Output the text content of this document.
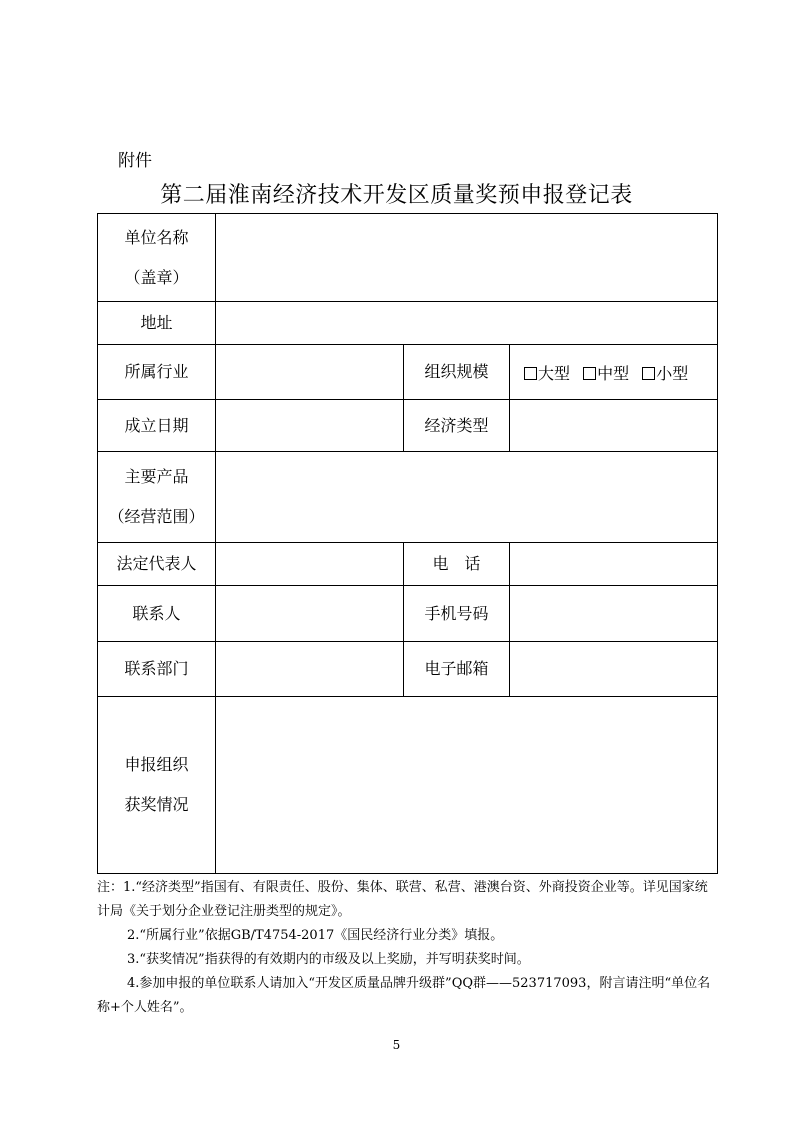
附件
第二届淮南经济技术开发区质量奖预申报登记表
单位名称
（盖章）			

地址			
所属行业		组织规模	大型 中型 小型
成立日期		经济类型	

主要产品
（经营范围）			

法定代表人		电　话	
联系人		手机号码	
联系部门		电子邮箱	

申报组织
获奖情况			

注：1.“经济类型”指国有、有限责任、股份、集体、联营、私营、港澳台资、外商投资企业等。详见国家统计局《关于划分企业登记注册类型的规定》。

2.“所属行业”依据GB/T4754-2017《国民经济行业分类》填报。

3.“获奖情况”指获得的有效期内的市级及以上奖励，并写明获奖时间。

4.参加申报的单位联系人请加入“开发区质量品牌升级群”QQ群——523717093，附言请注明“单位名称+个人姓名”。

5
